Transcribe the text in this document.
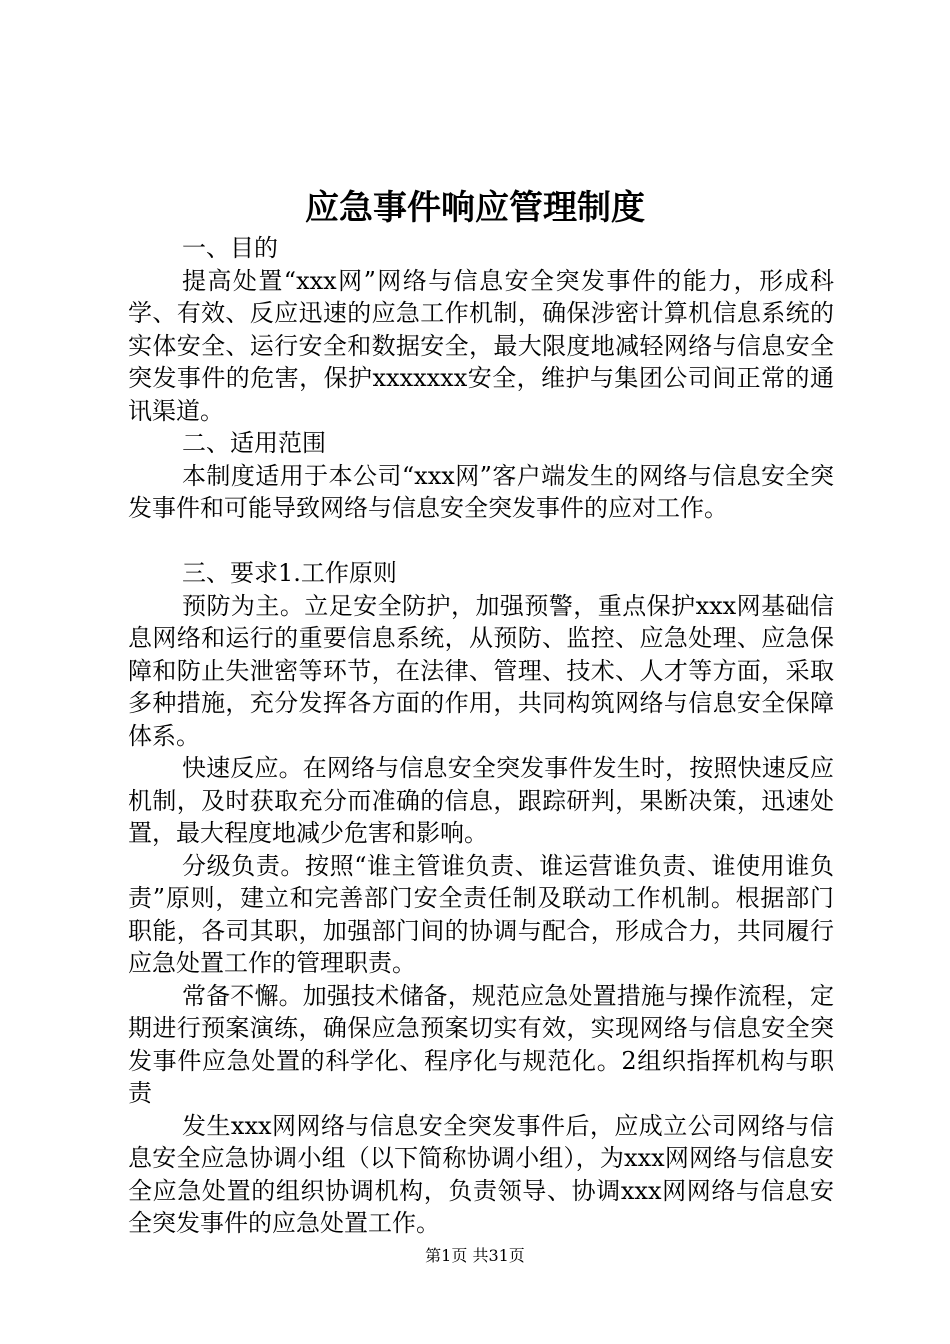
应急事件响应管理制度

一、目的

提高处置“xxx网”网络与信息安全突发事件的能力，形成科学、有效、反应迅速的应急工作机制，确保涉密计算机信息系统的实体安全、运行安全和数据安全，最大限度地减轻网络与信息安全突发事件的危害，保护xxxxxxx安全，维护与集团公司间正常的通讯渠道。

二、适用范围

本制度适用于本公司“xxx网”客户端发生的网络与信息安全突发事件和可能导致网络与信息安全突发事件的应对工作。

三、要求1.工作原则

预防为主。立足安全防护，加强预警，重点保护xxx网基础信息网络和运行的重要信息系统，从预防、监控、应急处理、应急保障和防止失泄密等环节，在法律、管理、技术、人才等方面，采取多种措施，充分发挥各方面的作用，共同构筑网络与信息安全保障体系。

快速反应。在网络与信息安全突发事件发生时，按照快速反应机制，及时获取充分而准确的信息，跟踪研判，果断决策，迅速处置，最大程度地减少危害和影响。

分级负责。按照“谁主管谁负责、谁运营谁负责、谁使用谁负责”原则，建立和完善部门安全责任制及联动工作机制。根据部门职能，各司其职，加强部门间的协调与配合，形成合力，共同履行应急处置工作的管理职责。

常备不懈。加强技术储备，规范应急处置措施与操作流程，定期进行预案演练，确保应急预案切实有效，实现网络与信息安全突发事件应急处置的科学化、程序化与规范化。2组织指挥机构与职责

发生xxx网网络与信息安全突发事件后，应成立公司网络与信息安全应急协调小组（以下简称协调小组），为xxx网网络与信息安全应急处置的组织协调机构，负责领导、协调xxx网网络与信息安全突发事件的应急处置工作。

第1页 共31页
